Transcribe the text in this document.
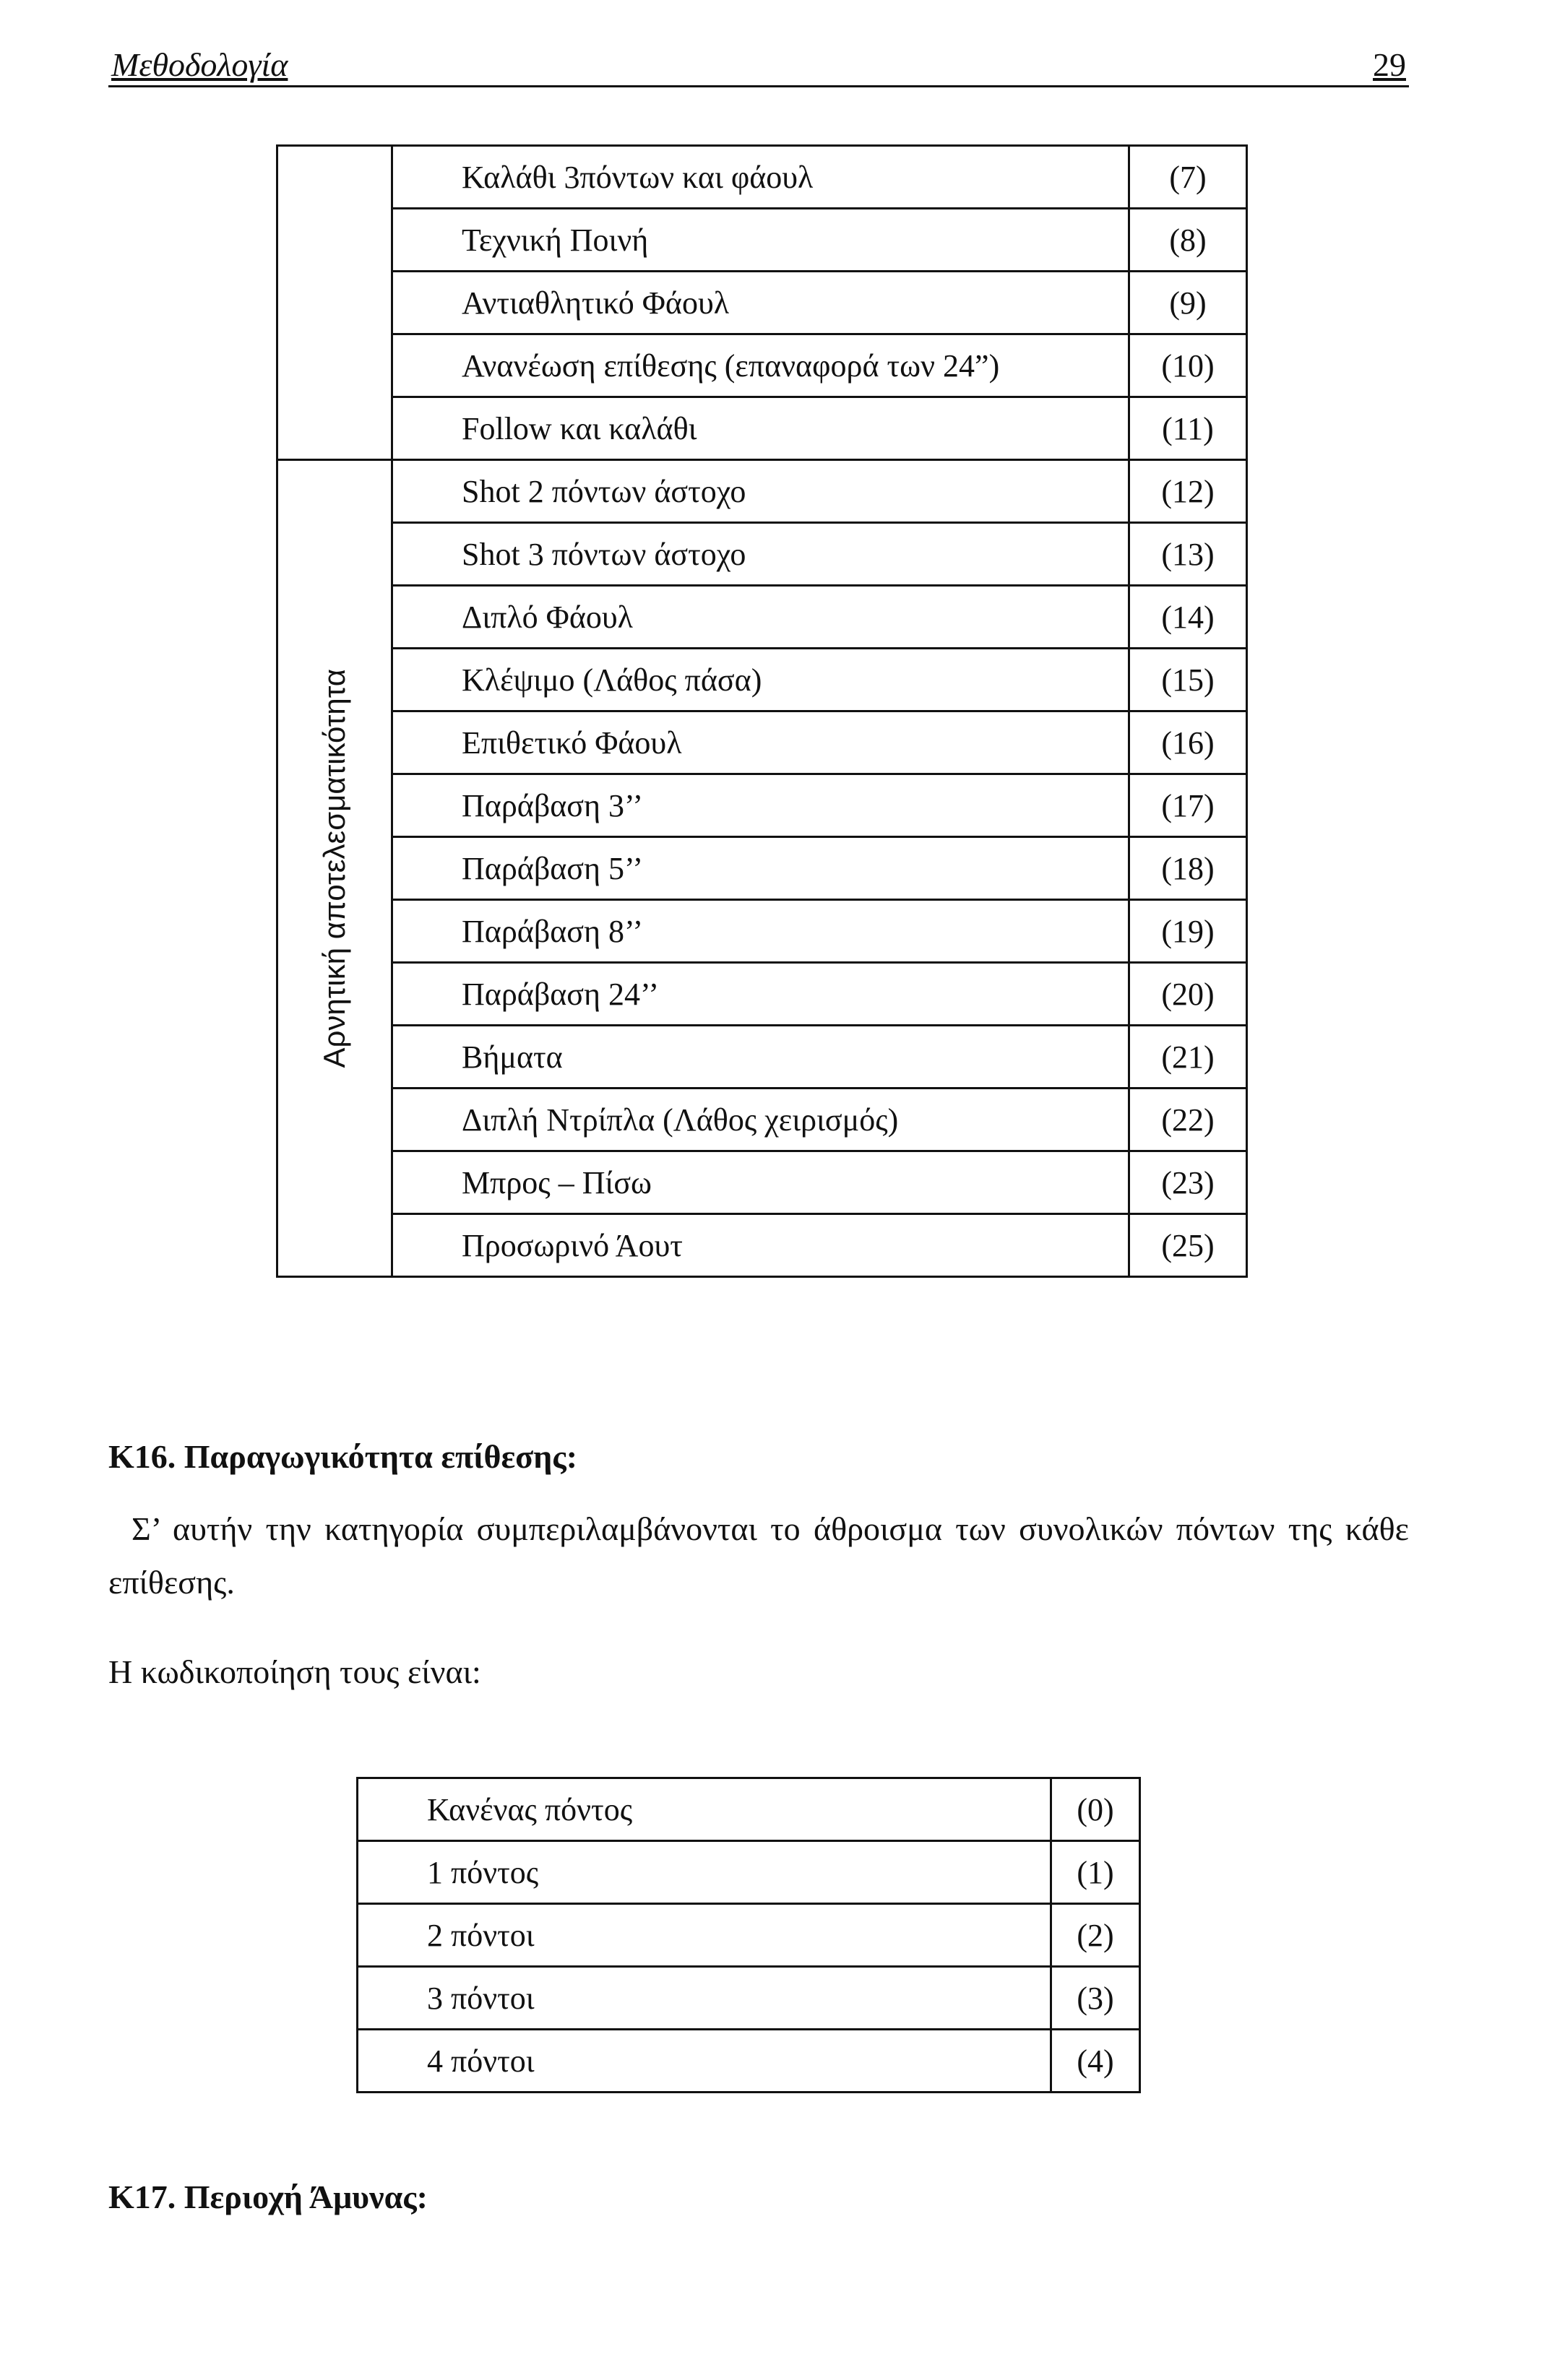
Μεθοδολογία	29
	Καλάθι 3πόντων και φάουλ	(7)
	Τεχνική Ποινή	(8)
	Αντιαθλητικό Φάουλ	(9)
	Ανανέωση επίθεσης (επαναφορά των 24”)	(10)
	Follow και καλάθι	(11)

Αρνητική αποτελεσματικότητα	Shot 2 πόντων άστοχο	(12)
	Shot 3 πόντων άστοχο	(13)
	Διπλό Φάουλ	(14)
	Κλέψιμο (Λάθος πάσα)	(15)
	Επιθετικό Φάουλ	(16)
	Παράβαση 3’’	(17)
	Παράβαση 5’’	(18)
	Παράβαση 8’’	(19)
	Παράβαση 24’’	(20)
	Βήματα	(21)
	Διπλή Ντρίπλα (Λάθος χειρισμός)	(22)
	Μπρος – Πίσω	(23)
	Προσωρινό Άουτ	(25)
Κ16. Παραγωγικότητα επίθεσης:
Σ’ αυτήν την κατηγορία συμπεριλαμβάνονται το άθροισμα των συνολικών πόντων της κάθε επίθεσης.
Η κωδικοποίηση τους είναι:
Κανένας πόντος	(0)
1 πόντος	(1)
2 πόντοι	(2)
3 πόντοι	(3)
4 πόντοι	(4)
Κ17. Περιοχή Άμυνας:
